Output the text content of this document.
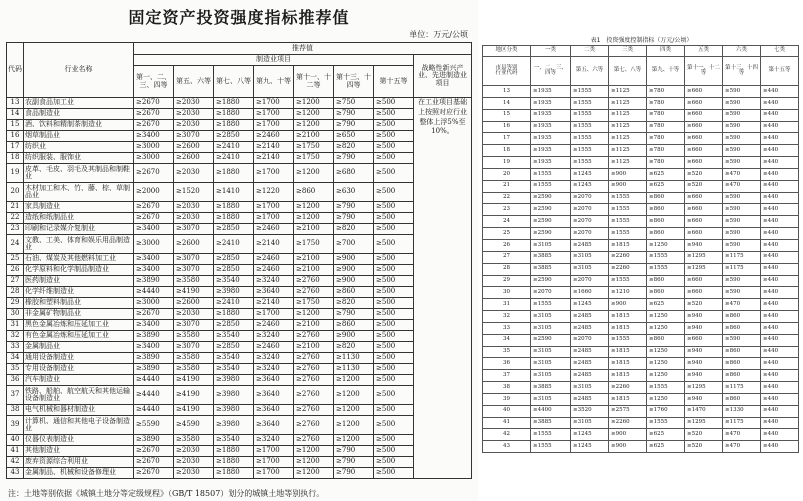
固定资产投资强度指标推荐值
单位：万元/公顷
代码	行业名称	推荐值							
		制造业项目							战略性新兴产业、先进制造业项目
		第一、二、三、四等	第五、六等	第七、八等	第九、十等	第十一、十二等	第十三、十四等	第十五等	
13	农副食品加工业	≥2670	≥2030	≥1880	≥1700	≥1200	≥750	≥500	在工业项目基础上按照对应行业整体上浮5%至10%。
14	食品制造业	≥2670	≥2030	≥1880	≥1700	≥1200	≥790	≥500	
15	酒、饮料和精制茶制造业	≥2670	≥2030	≥1880	≥1700	≥1200	≥790	≥500	
16	烟草制品业	≥3400	≥3070	≥2850	≥2460	≥2100	≥650	≥500	
17	纺织业	≥3000	≥2600	≥2410	≥2140	≥1750	≥820	≥500	
18	纺织服装、服饰业	≥3000	≥2600	≥2410	≥2140	≥1750	≥790	≥500	
19	皮革、毛皮、羽毛及其制品和制鞋业	≥2670	≥2030	≥1880	≥1700	≥1200	≥680	≥500	
20	木材加工和木、竹、藤、棕、草制品业	≥2000	≥1520	≥1410	≥1220	≥860	≥630	≥500	
21	家具制造业	≥2670	≥2030	≥1880	≥1700	≥1200	≥790	≥500	
22	造纸和纸制品业	≥2670	≥2030	≥1880	≥1700	≥1200	≥790	≥500	
23	印刷和记录媒介复制业	≥3400	≥3070	≥2850	≥2460	≥2100	≥820	≥500	
24	文教、工美、体育和娱乐用品制造业	≥3000	≥2600	≥2410	≥2140	≥1750	≥700	≥500	
25	石油、煤炭及其他燃料加工业	≥3400	≥3070	≥2850	≥2460	≥2100	≥900	≥500	
26	化学原料和化学制品制造业	≥3400	≥3070	≥2850	≥2460	≥2100	≥900	≥500	
27	医药制造业	≥3890	≥3580	≥3540	≥3240	≥2760	≥900	≥500	
28	化学纤维制造业	≥4440	≥4190	≥3980	≥3640	≥2760	≥860	≥500	
29	橡胶和塑料制品业	≥3000	≥2600	≥2410	≥2140	≥1750	≥820	≥500	
30	非金属矿物制品业	≥2670	≥2030	≥1880	≥1700	≥1200	≥790	≥500	
31	黑色金属冶炼和压延加工业	≥3400	≥3070	≥2850	≥2460	≥2100	≥860	≥500	
32	有色金属冶炼和压延加工业	≥3890	≥3580	≥3540	≥3240	≥2760	≥900	≥500	
33	金属制品业	≥3400	≥3070	≥2850	≥2460	≥2100	≥820	≥500	
34	通用设备制造业	≥3890	≥3580	≥3540	≥3240	≥2760	≥1130	≥500	
35	专用设备制造业	≥3890	≥3580	≥3540	≥3240	≥2760	≥1130	≥500	
36	汽车制造业	≥4440	≥4190	≥3980	≥3640	≥2760	≥1200	≥500	
37	铁路、船舶、航空航天和其他运输设备制造业	≥4440	≥4190	≥3980	≥3640	≥2760	≥1200	≥500	
38	电气机械和器材制造业	≥4440	≥4190	≥3980	≥3640	≥2760	≥1200	≥500	
39	计算机、通信和其他电子设备制造业	≥5590	≥4590	≥3980	≥3640	≥2760	≥1200	≥500	
40	仪器仪表制造业	≥3890	≥3580	≥3540	≥3240	≥2760	≥1200	≥500	
41	其他制造业	≥2670	≥2030	≥1880	≥1700	≥1200	≥790	≥500	
42	废弃资源综合利用业	≥2670	≥2030	≥1880	≥1700	≥1200	≥790	≥500	
43	金属制品、机械和设备修理业	≥2670	≥2030	≥1880	≥1700	≥1200	≥790	≥500	
注：土地等别依据《城镇土地分等定级规程》（GB/T 18507）划分的城镇土地等别执行。
表1　投资强度控制指标（万元/公顷）
地区分类	一类	二类	三类	四类	五类	六类	七类
市县等别
行业代码	一、二、三、四等	第五、六等	第七、八等	第九、十等	第十一、十二等	第十三、十四等	第十五等
13	≥1935	≥1555	≥1125	≥780	≥660	≥590	≥440
14	≥1935	≥1555	≥1125	≥780	≥660	≥590	≥440
15	≥1935	≥1555	≥1125	≥780	≥660	≥590	≥440
16	≥1935	≥1555	≥1125	≥780	≥660	≥590	≥440
17	≥1935	≥1555	≥1125	≥780	≥660	≥590	≥440
18	≥1935	≥1555	≥1125	≥780	≥660	≥590	≥440
19	≥1935	≥1555	≥1125	≥780	≥660	≥590	≥440
20	≥1555	≥1245	≥900	≥625	≥520	≥470	≥440
21	≥1555	≥1245	≥900	≥625	≥520	≥470	≥440
22	≥2590	≥2070	≥1555	≥860	≥660	≥590	≥440
23	≥2590	≥2070	≥1555	≥860	≥660	≥590	≥440
24	≥2590	≥2070	≥1555	≥860	≥660	≥590	≥440
25	≥2590	≥2070	≥1555	≥860	≥660	≥590	≥440
26	≥3105	≥2485	≥1815	≥1250	≥940	≥590	≥440
27	≥3885	≥3105	≥2260	≥1555	≥1295	≥1175	≥440
28	≥3885	≥3105	≥2260	≥1555	≥1295	≥1175	≥440
29	≥2590	≥2070	≥1555	≥860	≥660	≥590	≥440
30	≥2070	≥1660	≥1210	≥860	≥660	≥590	≥440
31	≥1555	≥1245	≥900	≥625	≥520	≥470	≥440
32	≥3105	≥2485	≥1815	≥1250	≥940	≥860	≥440
33	≥3105	≥2485	≥1815	≥1250	≥940	≥860	≥440
34	≥2590	≥2070	≥1555	≥860	≥660	≥590	≥440
35	≥3105	≥2485	≥1815	≥1250	≥940	≥860	≥440
36	≥3105	≥2485	≥1815	≥1250	≥940	≥860	≥440
37	≥3105	≥2485	≥1815	≥1250	≥940	≥860	≥440
38	≥3885	≥3105	≥2260	≥1555	≥1295	≥1175	≥440
39	≥3105	≥2485	≥1815	≥1250	≥940	≥860	≥440
40	≥4400	≥3520	≥2575	≥1760	≥1470	≥1330	≥440
41	≥3885	≥3105	≥2260	≥1555	≥1295	≥1175	≥440
42	≥1555	≥1245	≥900	≥625	≥520	≥470	≥440
43	≥1555	≥1245	≥900	≥625	≥520	≥470	≥440
